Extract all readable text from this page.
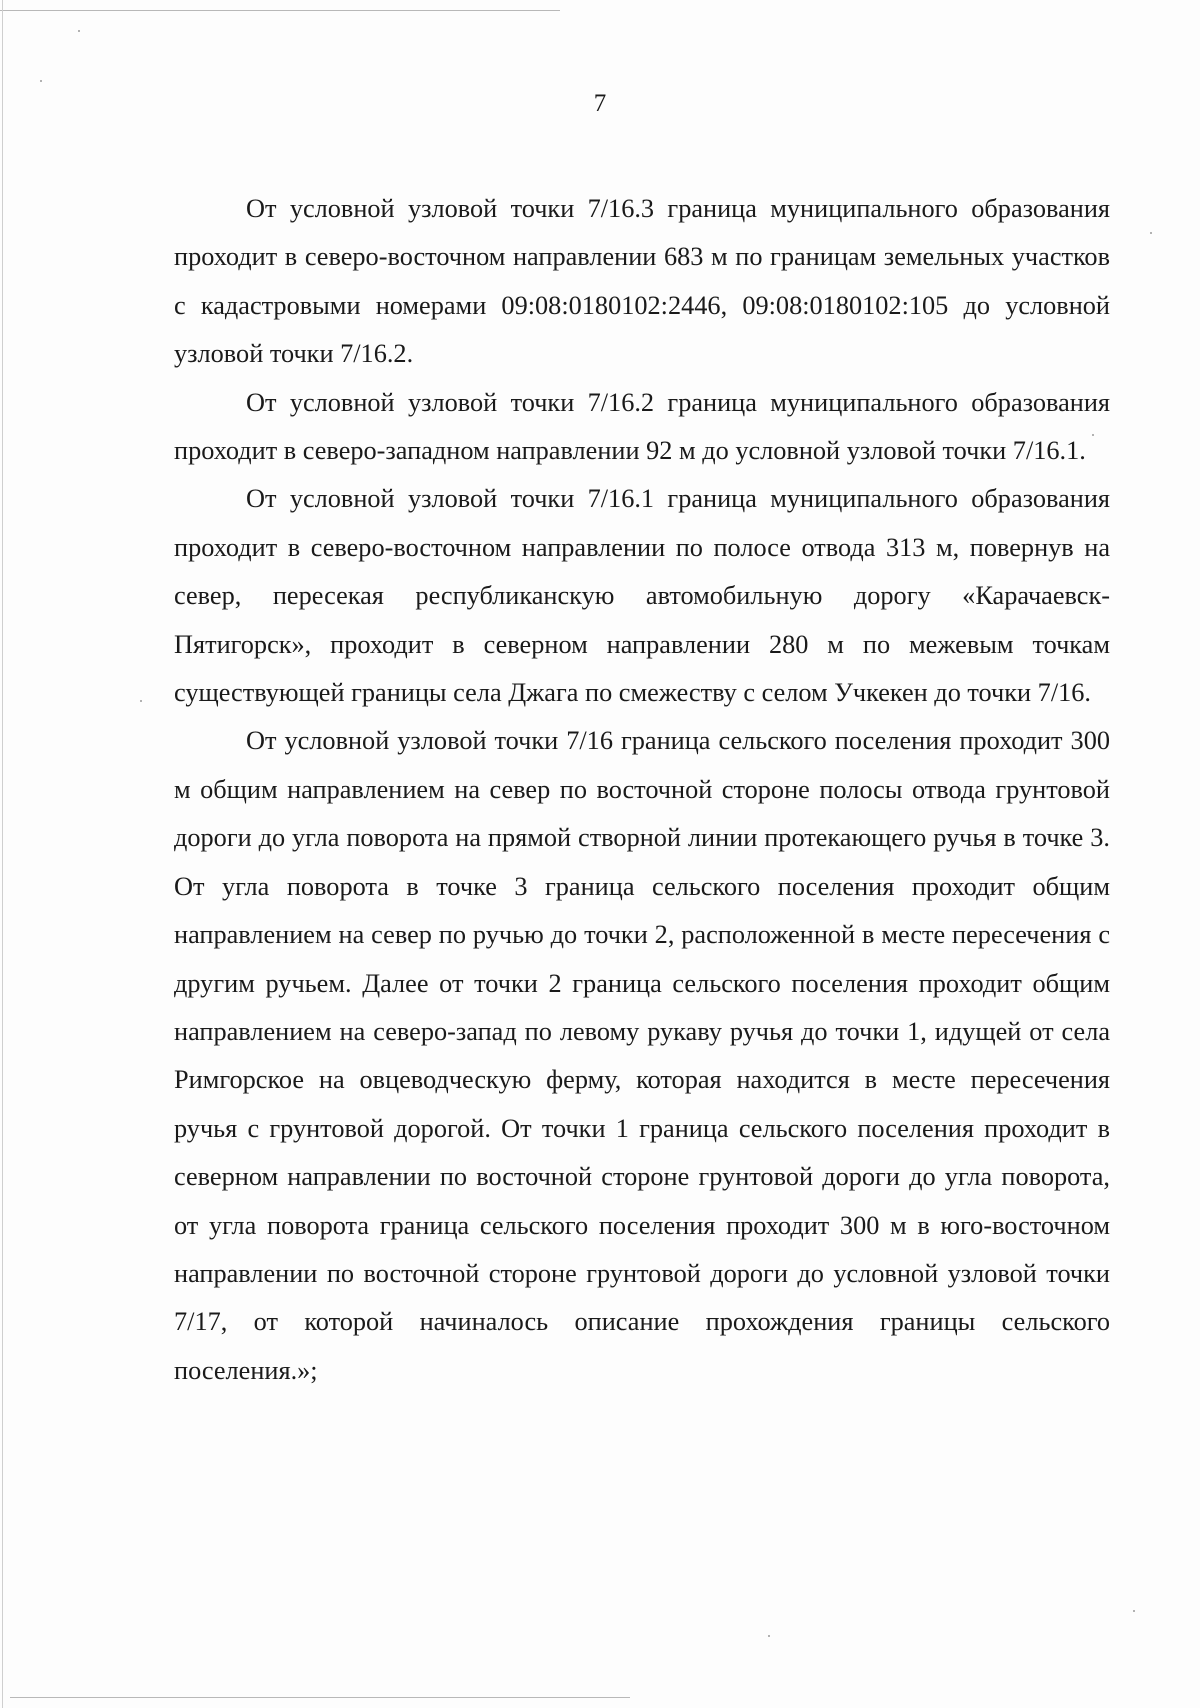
7

От условной узловой точки 7/16.3 граница муниципального образования проходит в северо-восточном направлении 683 м по границам земельных участков с кадастровыми номерами 09:08:0180102:2446, 09:08:0180102:105 до условной узловой точки 7/16.2.

От условной узловой точки 7/16.2 граница муниципального образования проходит в северо-западном направлении 92 м до условной узловой точки 7/16.1.

От условной узловой точки 7/16.1 граница муниципального образования проходит в северо-восточном направлении по полосе отвода 313 м, повернув на север, пересекая республиканскую автомобильную дорогу «Карачаевск-Пятигорск», проходит в северном направлении 280 м по межевым точкам существующей границы села Джага по смежеству с селом Учкекен до точки 7/16.

От условной узловой точки 7/16 граница сельского поселения проходит 300 м общим направлением на север по восточной стороне полосы отвода грунтовой дороги до угла поворота на прямой створной линии протекающего ручья в точке 3. От угла поворота в точке 3 граница сельского поселения проходит общим направлением на север по ручью до точки 2, расположенной в месте пересечения с другим ручьем. Далее от точки 2 граница сельского поселения проходит общим направлением на северо-запад по левому рукаву ручья до точки 1, идущей от села Римгорское на овцеводческую ферму, которая находится в месте пересечения ручья с грунтовой дорогой. От точки 1 граница сельского поселения проходит в северном направлении по восточной стороне грунтовой дороги до угла поворота, от угла поворота граница сельского поселения проходит 300 м в юго-восточном направлении по восточной стороне грунтовой дороги до условной узловой точки 7/17, от которой начиналось описание прохождения границы сельского поселения.»;
